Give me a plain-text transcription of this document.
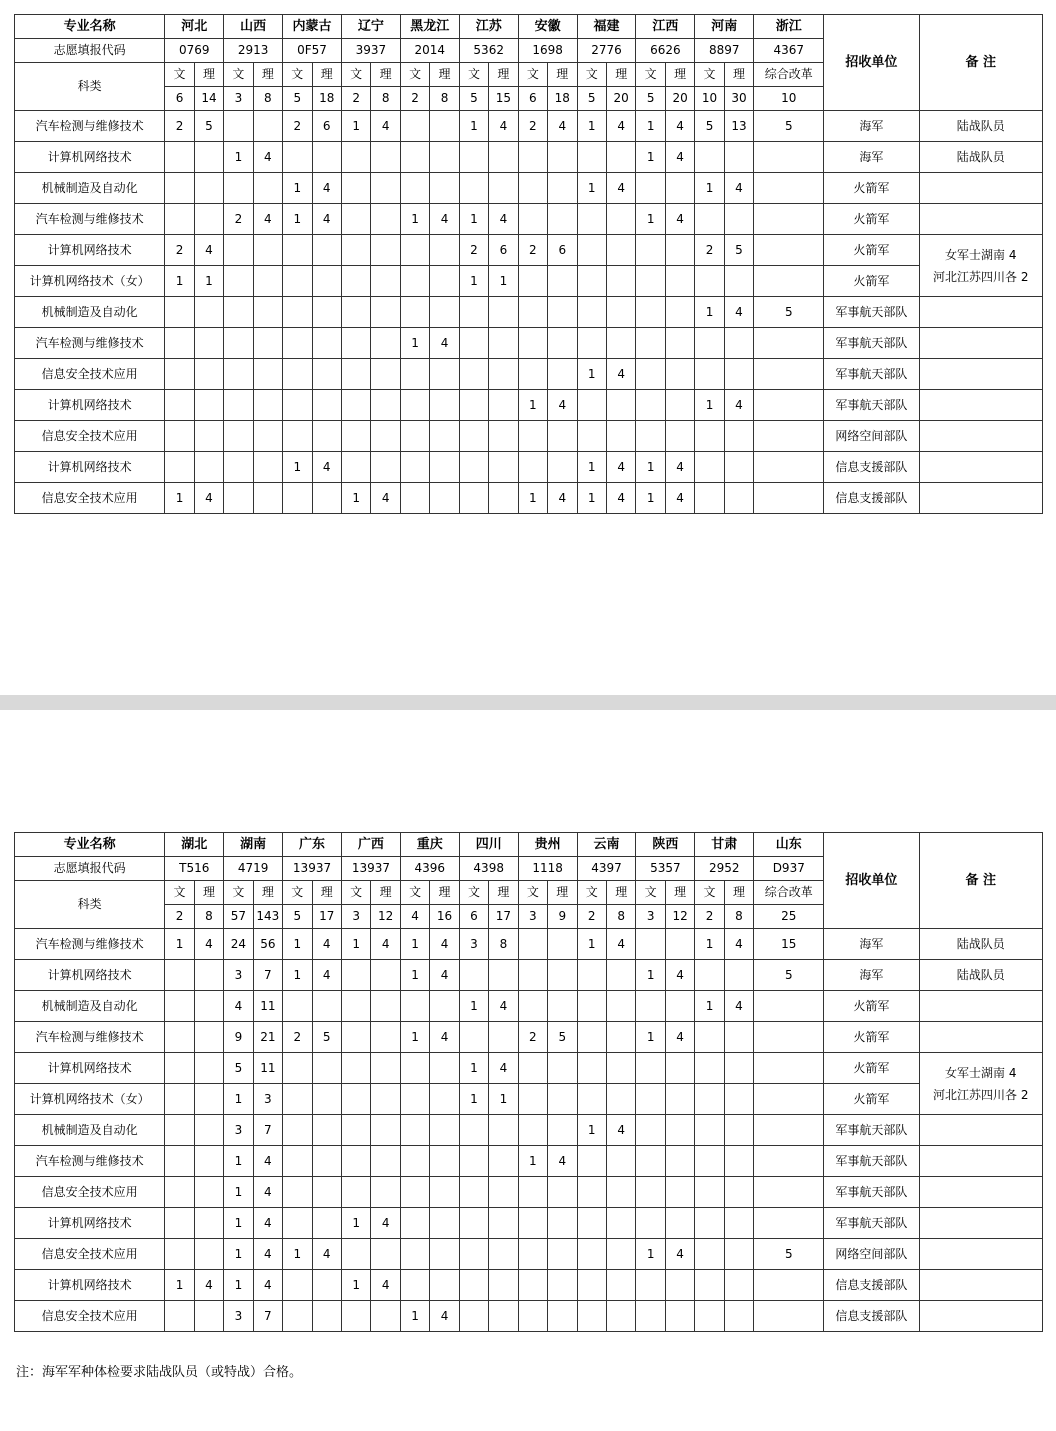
专业名称	河北		山西		内蒙古		辽宁		黑龙江		江苏		安徽		福建		江西		河南		浙江	招收单位	备 注
志愿填报代码	0769		2913		0F57		3937		2014		5362		1698		2776		6626		8897		4367		
科类	文	理	文	理	文	理	文	理	文	理	文	理	文	理	文	理	文	理	文	理	综合改革		
	6	14	3	8	5	18	2	8	2	8	5	15	6	18	5	20	5	20	10	30	10		
汽车检测与维修技术	2	5			2	6	1	4			1	4	2	4	1	4	1	4	5	13	5	海军	陆战队员
计算机网络技术			1	4													1	4				海军	陆战队员
机械制造及自动化					1	4									1	4			1	4		火箭军	
汽车检测与维修技术			2	4	1	4			1	4	1	4					1	4				火箭军	
计算机网络技术	2	4									2	6	2	6					2	5		火箭军	女军士湖南 4
河北江苏四川各 2

计算机网络技术（女）	1	1									1	1										火箭军	
机械制造及自动化																			1	4	5	军事航天部队	
汽车检测与维修技术									1	4												军事航天部队	
信息安全技术应用															1	4						军事航天部队	
计算机网络技术													1	4					1	4		军事航天部队	
信息安全技术应用																						网络空间部队	
计算机网络技术					1	4									1	4	1	4				信息支援部队	
信息安全技术应用	1	4					1	4					1	4	1	4	1	4				信息支援部队	
专业名称	湖北		湖南		广东		广西		重庆		四川		贵州		云南		陕西		甘肃		山东	招收单位	备 注
志愿填报代码	T516		4719		13937		13937		4396		4398		1118		4397		5357		2952		D937		
科类	文	理	文	理	文	理	文	理	文	理	文	理	文	理	文	理	文	理	文	理	综合改革		
	2	8	57	143	5	17	3	12	4	16	6	17	3	9	2	8	3	12	2	8	25		
汽车检测与维修技术	1	4	24	56	1	4	1	4	1	4	3	8			1	4			1	4	15	海军	陆战队员
计算机网络技术			3	7	1	4			1	4							1	4			5	海军	陆战队员
机械制造及自动化			4	11							1	4							1	4		火箭军	
汽车检测与维修技术			9	21	2	5			1	4			2	5			1	4				火箭军	
计算机网络技术			5	11							1	4										火箭军	女军士湖南 4
河北江苏四川各 2

计算机网络技术（女）			1	3							1	1										火箭军	
机械制造及自动化			3	7											1	4						军事航天部队	
汽车检测与维修技术			1	4									1	4								军事航天部队	
信息安全技术应用			1	4																		军事航天部队	
计算机网络技术			1	4			1	4														军事航天部队	
信息安全技术应用			1	4	1	4											1	4			5	网络空间部队	
计算机网络技术	1	4	1	4			1	4														信息支援部队	
信息安全技术应用			3	7					1	4												信息支援部队	
注：海军军种体检要求陆战队员（或特战）合格。
